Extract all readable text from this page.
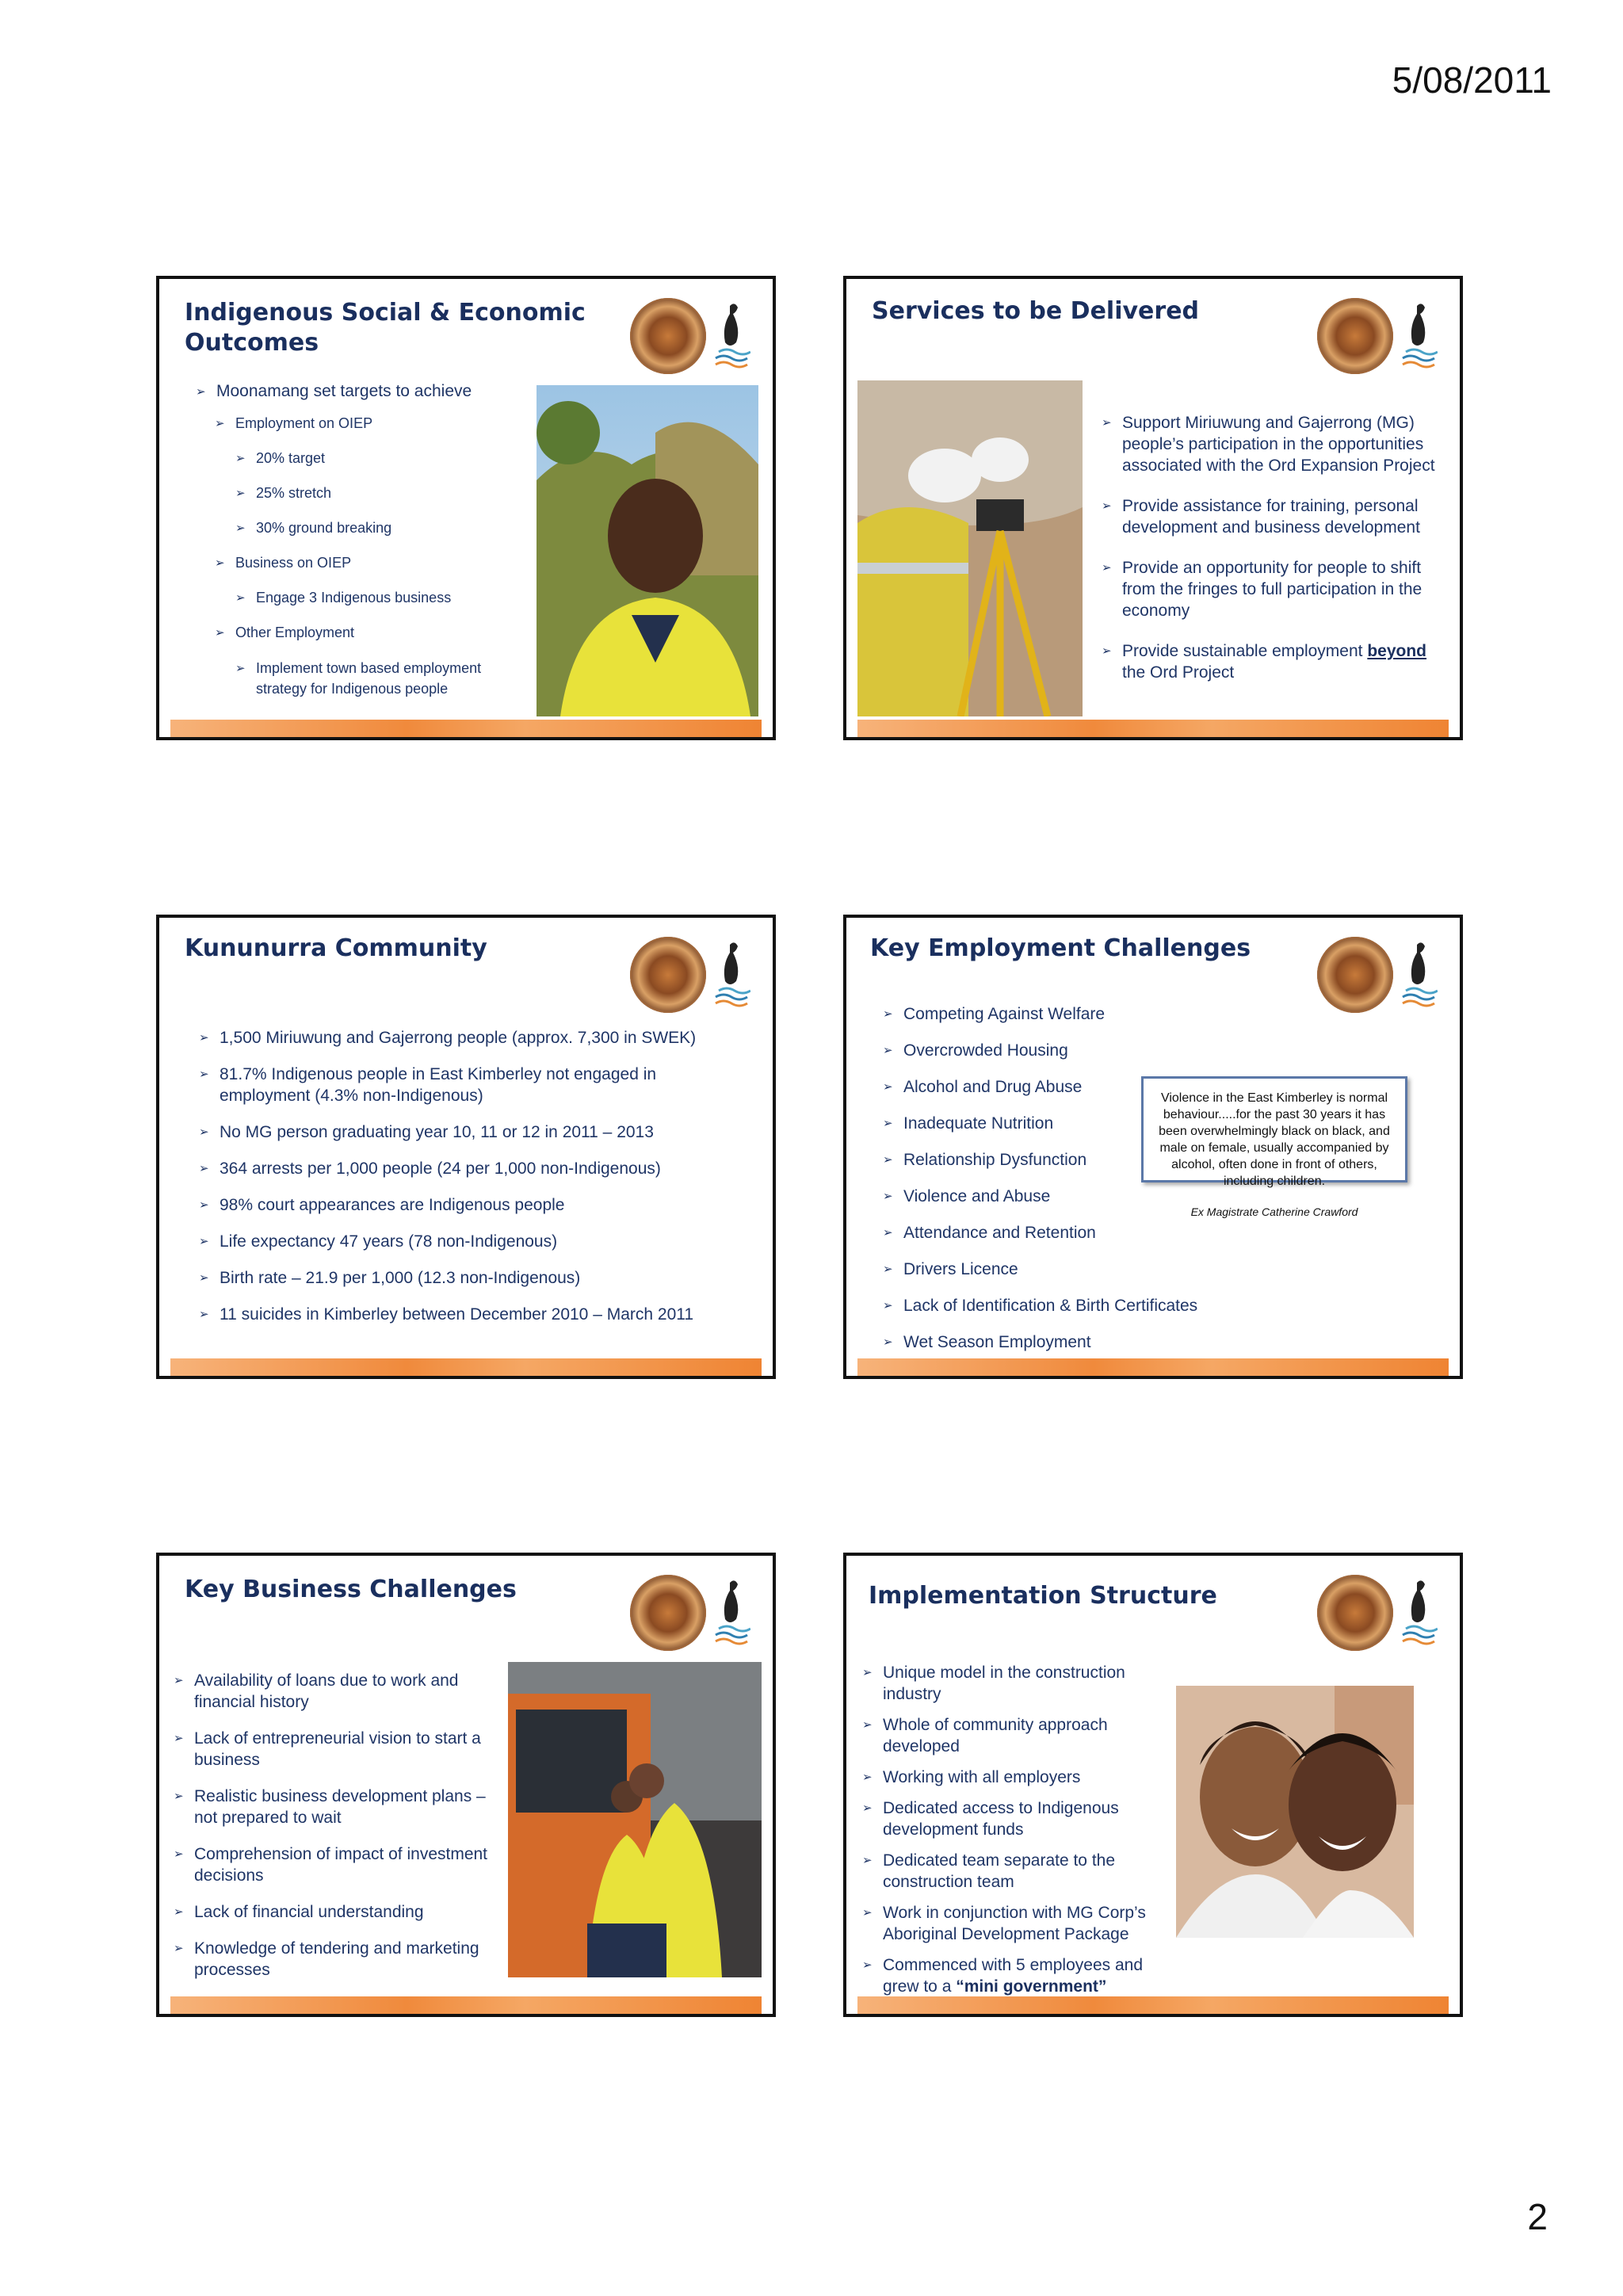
5/08/2011
Indigenous Social & Economic Outcomes
➢ Moonamang set targets to achieve
➢ Employment on OIEP
➢ 20% target
➢ 25% stretch
➢ 30% ground breaking
➢ Business on OIEP
➢ Engage 3 Indigenous business
➢ Other Employment
➢ Implement town based employment strategy for Indigenous people
Services to be Delivered
➢ Support Miriuwung and Gajerrong (MG) people’s participation in the opportunities associated with the Ord Expansion Project
➢ Provide assistance for training, personal development and business development
➢ Provide an opportunity for people to shift from the fringes to full participation in the economy
➢ Provide sustainable employment beyond the Ord Project
Kununurra Community
➢ 1,500 Miriuwung and Gajerrong people (approx. 7,300 in SWEK)
➢ 81.7% Indigenous people in East Kimberley not engaged in employment (4.3% non-Indigenous)
➢ No MG person graduating year 10, 11 or 12 in 2011 – 2013
➢ 364 arrests per 1,000 people (24 per 1,000 non-Indigenous)
➢ 98% court appearances are Indigenous people
➢ Life expectancy 47 years (78 non-Indigenous)
➢ Birth rate – 21.9 per 1,000 (12.3 non-Indigenous)
➢ 11 suicides in Kimberley between December 2010 – March 2011
Key Employment Challenges
➢ Competing Against Welfare
➢ Overcrowded Housing
➢ Alcohol and Drug Abuse
➢ Inadequate Nutrition
➢ Relationship Dysfunction
➢ Violence and Abuse
➢ Attendance and Retention
➢ Drivers Licence
➢ Lack of Identification & Birth Certificates
➢ Wet Season Employment
Violence in the East Kimberley is normal behaviour.....for the past 30 years it has been overwhelmingly black on black, and male on female, usually accompanied by alcohol, often done in front of others, including children.
Ex Magistrate Catherine Crawford
Key Business Challenges
➢ Availability of loans due to work and financial history
➢ Lack of entrepreneurial vision to start a business
➢ Realistic business development plans – not prepared to wait
➢ Comprehension of impact of investment decisions
➢ Lack of financial understanding
➢ Knowledge of tendering and marketing processes
Implementation Structure
➢ Unique model in the construction industry
➢ Whole of community approach developed
➢ Working with all employers
➢ Dedicated access to Indigenous development funds
➢ Dedicated team separate to the construction team
➢ Work in conjunction with MG Corp’s Aboriginal Development Package
➢ Commenced with 5 employees and grew to a “mini government”
2
